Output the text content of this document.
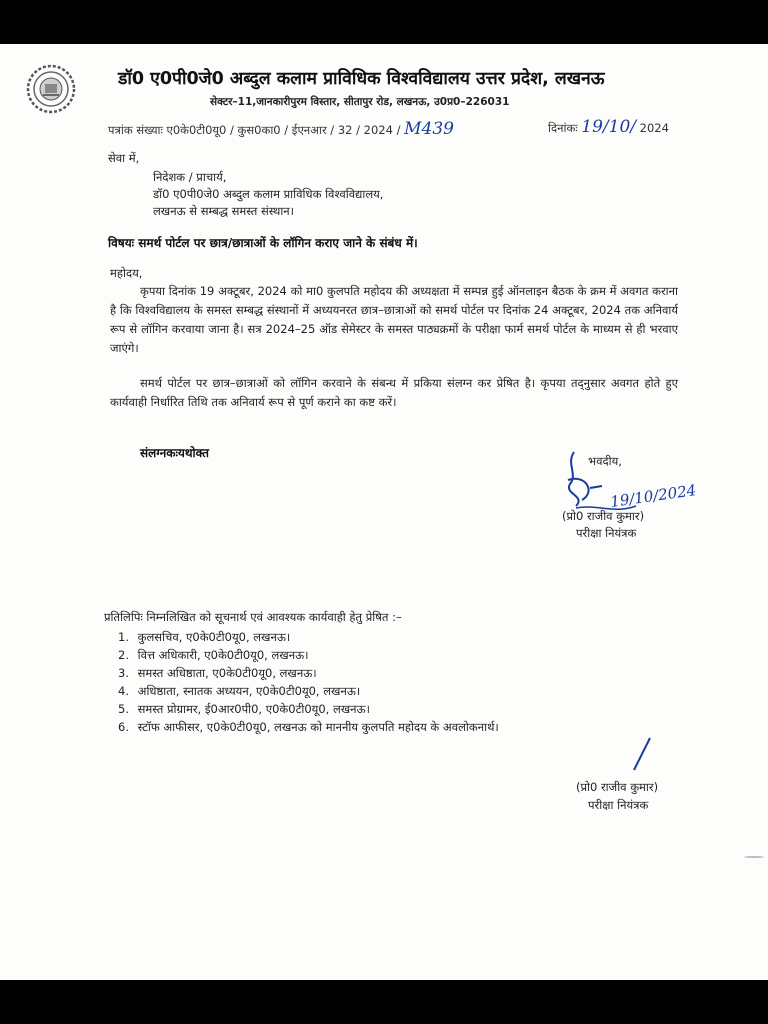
डॉ0 ए0पी0जे0 अब्दुल कलाम प्राविधिक विश्वविद्यालय उत्तर प्रदेश, लखनऊ
सेक्टर–11,जानकारीपुरम विस्तार, सीतापुर रोड, लखनऊ, उ0प्र0–226031
पत्रांक संख्याः ए0के0टी0यू0 / कुस0का0 / ईएनआर / 32 / 2024 / M439	दिनांकः 19/10/ 2024
सेवा में,
निदेशक / प्राचार्य,
डॉ0 ए0पी0जे0 अब्दुल कलाम प्राविधिक विश्वविद्यालय,
लखनऊ से सम्बद्ध समस्त संस्थान।
विषयः समर्थ पोर्टल पर छात्र/छात्राओं के लॉगिन कराए जाने के संबंध में।
महोदय,
कृपया दिनांक 19 अक्टूबर, 2024 को मा0 कुलपति महोदय की अध्यक्षता में सम्पन्न हुई ऑनलाइन बैठक के क्रम में अवगत कराना है कि विश्वविद्यालय के समस्त सम्बद्ध संस्थानों में अध्ययनरत छात्र–छात्राओं को समर्थ पोर्टल पर दिनांक 24 अक्टूबर, 2024 तक अनिवार्य रूप से लॉगिन करवाया जाना है। सत्र 2024–25 ऑड सेमेस्टर के समस्त पाठ्यक्रमों के परीक्षा फार्म समर्थ पोर्टल के माध्यम से ही भरवाए जाएंगे।
समर्थ पोर्टल पर छात्र–छात्राओं को लॉगिन करवाने के संबन्ध में प्रकिया संलग्न कर प्रेषित है। कृपया तद्नुसार अवगत होते हुए कार्यवाही निर्धारित तिथि तक अनिवार्य रूप से पूर्ण कराने का कष्ट करें।
संलग्नकःयथोक्त
भवदीय,
19/10/2024
(प्रो0 राजीव कुमार)
परीक्षा नियंत्रक
प्रतिलिपिः निम्नलिखित को सूचनार्थ एवं आवश्यक कार्यवाही हेतु प्रेषित :–
1. कुलसचिव, ए0के0टी0यू0, लखनऊ।
2. वित्त अधिकारी, ए0के0टी0यू0, लखनऊ।
3. समस्त अधिष्ठाता, ए0के0टी0यू0, लखनऊ।
4. अधिष्ठाता, स्नातक अध्ययन, ए0के0टी0यू0, लखनऊ।
5. समस्त प्रोग्रामर, ई0आर0पी0, ए0के0टी0यू0, लखनऊ।
6. स्टॉफ आफीसर, ए0के0टी0यू0, लखनऊ को माननीय कुलपति महोदय के अवलोकनार्थ।
(प्रो0 राजीव कुमार)
परीक्षा नियंत्रक
